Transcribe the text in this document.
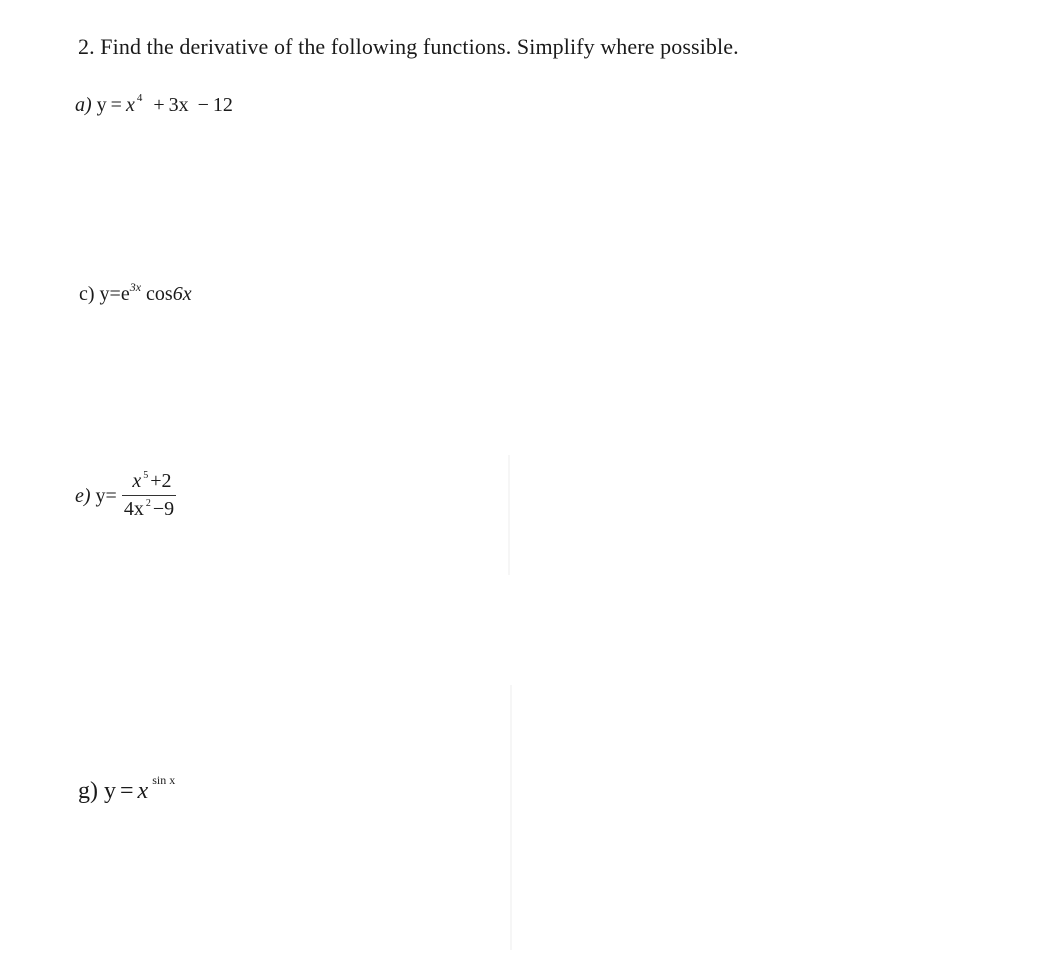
2. Find the derivative of the following functions. Simplify where possible.
a) y = x $^4$ + 3x − 12
c) $y=e^{3x}$ cos6x
e) $y= \frac{x ^5 +2}{4x ^2 -9}$
g) y = x $^{sin x}$
